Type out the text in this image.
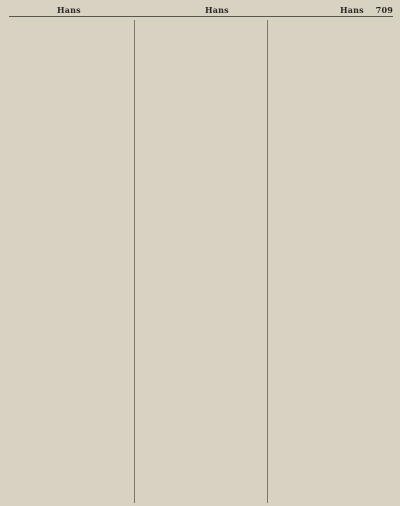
Hans	Hans	Hans 709
